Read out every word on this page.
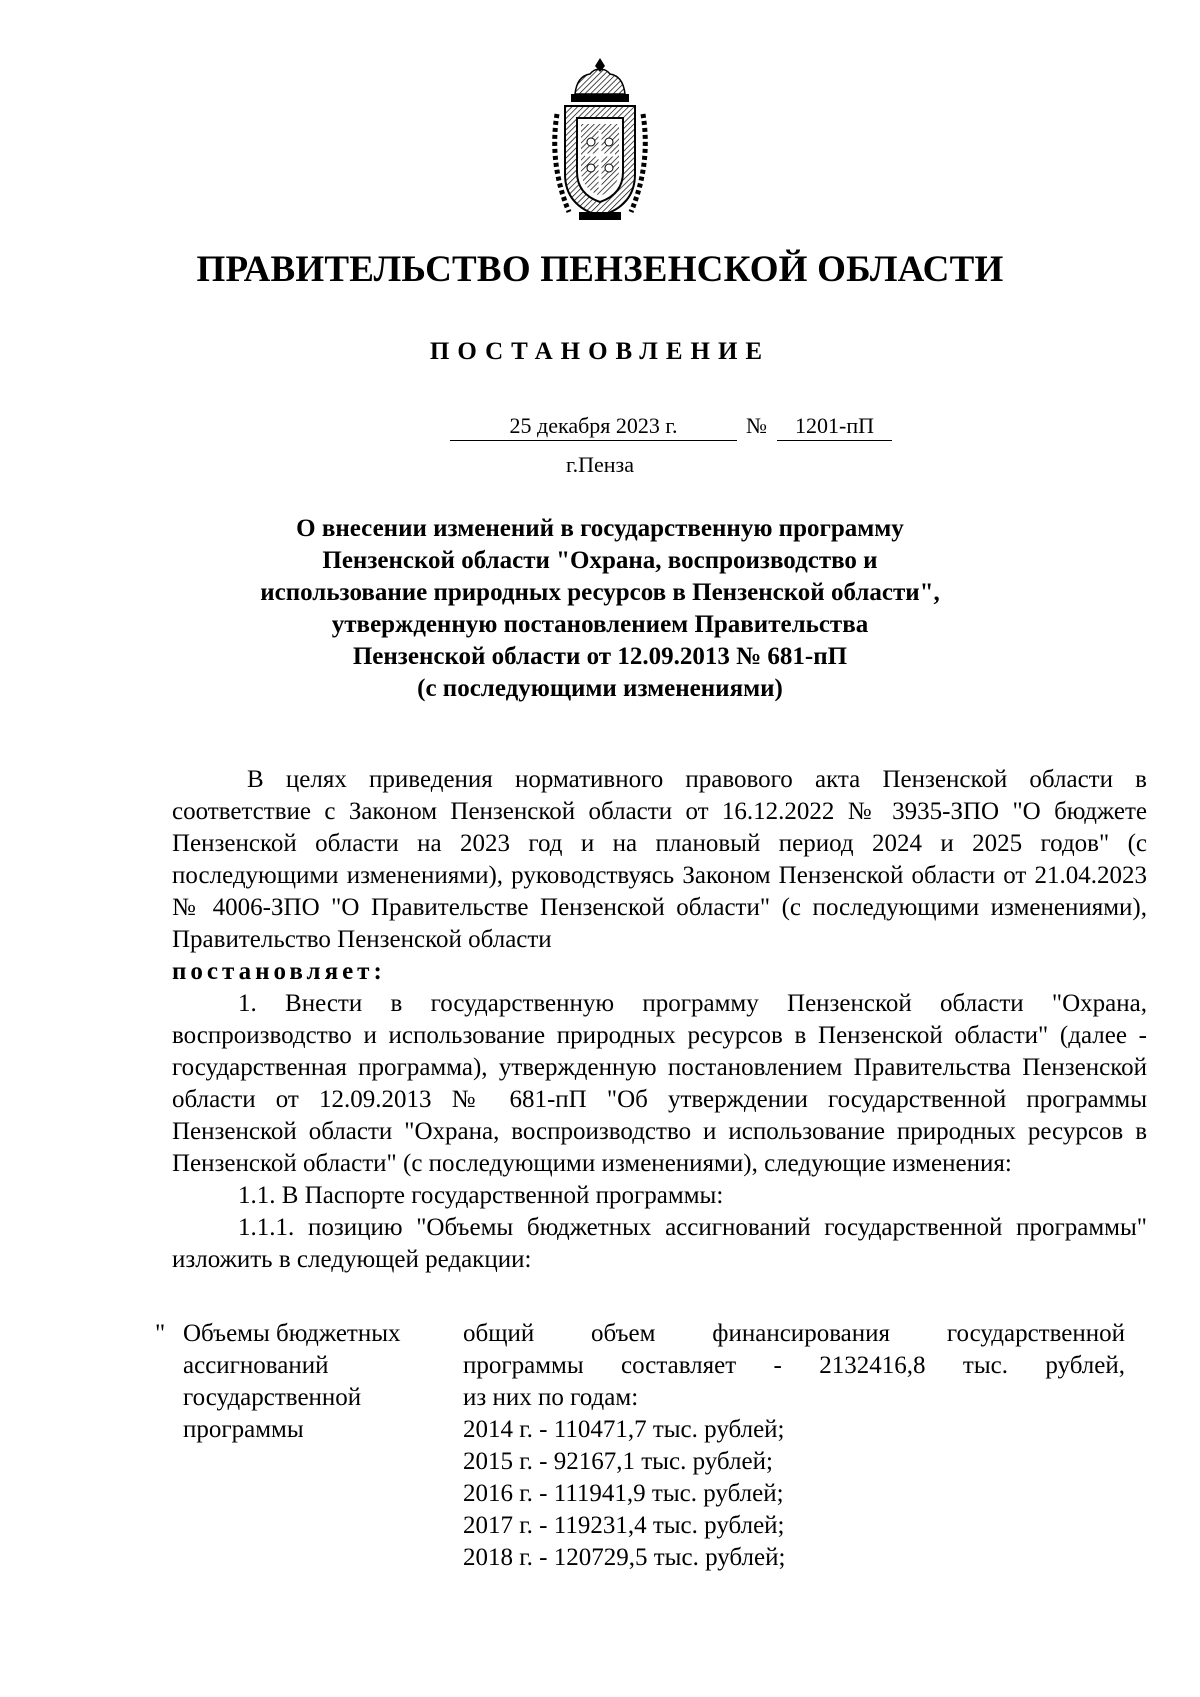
ПРАВИТЕЛЬСТВО ПЕНЗЕНСКОЙ ОБЛАСТИ
ПОСТАНОВЛЕНИЕ
25 декабря 2023 г.	№	1201-пП
г.Пенза
О внесении изменений в государственную программу
Пензенской области "Охрана, воспроизводство и
использование природных ресурсов в Пензенской области",
утвержденную постановлением Правительства
Пензенской области от 12.09.2013 № 681-пП
(с последующими изменениями)

В целях приведения нормативного правового акта Пензенской области в соответствие с Законом Пензенской области от 16.12.2022 № 3935-ЗПО "О бюджете Пензенской области на 2023 год и на плановый период 2024 и 2025 годов" (с последующими изменениями), руководствуясь Законом Пензенской области от 21.04.2023 № 4006-ЗПО "О Правительстве Пензенской области" (с последующими изменениями), Правительство Пензенской области

постановляет:

1. Внести в государственную программу Пензенской области "Охрана, воспроизводство и использование природных ресурсов в Пензенской области" (далее - государственная программа), утвержденную постановлением Правительства Пензенской области от 12.09.2013 № 681-пП "Об утверждении государственной программы Пензенской области "Охрана, воспроизводство и использование природных ресурсов в Пензенской области" (с последующими изменениями), следующие изменения:

1.1. В Паспорте государственной программы:

1.1.1. позицию "Объемы бюджетных ассигнований государственной программы" изложить в следующей редакции:

" Объемы бюджетных
ассигнований
государственной
программы
общий объем финансирования государственной
программы составляет - 2132416,8 тыс. рублей,
из них по годам:
2014 г. - 110471,7 тыс. рублей;
2015 г. - 92167,1 тыс. рублей;
2016 г. - 111941,9 тыс. рублей;
2017 г. - 119231,4 тыс. рублей;
2018 г. - 120729,5 тыс. рублей;
